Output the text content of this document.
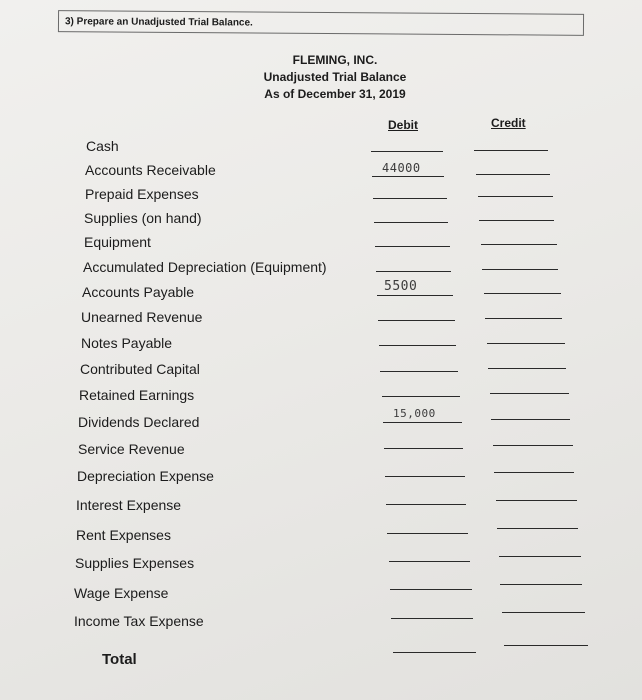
3) Prepare an Unadjusted Trial Balance.
FLEMING, INC.
Unadjusted Trial Balance
As of December 31, 2019
Debit	Credit
Cash
Accounts Receivable
Prepaid Expenses
Supplies (on hand)
Equipment
Accumulated Depreciation (Equipment)
Accounts Payable
Unearned Revenue
Notes Payable
Contributed Capital
Retained Earnings
Dividends Declared
Service Revenue
Depreciation Expense
Interest Expense
Rent Expenses
Supplies Expenses
Wage Expense
Income Tax Expense
44000
5500
15,000
Total
